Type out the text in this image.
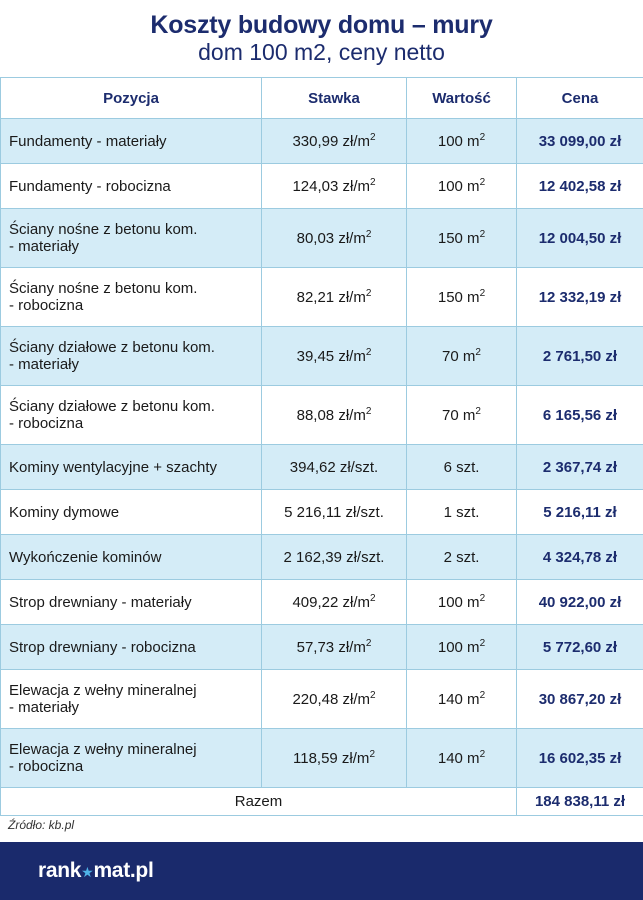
Koszty budowy domu – mury
dom 100 m2, ceny netto
Pozycja	Stawka	Wartość	Cena
Fundamenty - materiały	330,99 $zł/m^2$	100 $m^2$	33 099,00 zł
Fundamenty - robocizna	124,03 $zł/m^2$	100 $m^2$	12 402,58 zł
Ściany nośne z betonu kom.
- materiały	80,03 $zł/m^2$	150 $m^2$	12 004,50 zł
Ściany nośne z betonu kom.
- robocizna	82,21 $zł/m^2$	150 $m^2$	12 332,19 zł
Ściany działowe z betonu kom.
- materiały	39,45 $zł/m^2$	70 $m^2$	2 761,50 zł
Ściany działowe z betonu kom.
- robocizna	88,08 $zł/m^2$	70 $m^2$	6 165,56 zł
Kominy wentylacyjne + szachty	394,62 zł/szt.	6 szt.	2 367,74 zł
Kominy dymowe	5 216,11 zł/szt.	1 szt.	5 216,11 zł
Wykończenie kominów	2 162,39 zł/szt.	2 szt.	4 324,78 zł
Strop drewniany - materiały	409,22 $zł/m^2$	100 $m^2$	40 922,00 zł
Strop drewniany - robocizna	57,73 $zł/m^2$	100 $m^2$	5 772,60 zł
Elewacja z wełny mineralnej
- materiały	220,48 $zł/m^2$	140 $m^2$	30 867,20 zł
Elewacja z wełny mineralnej
- robocizna	118,59 $zł/m^2$	140 $m^2$	16 602,35 zł
Razem			184 838,11 zł
Źródło: kb.pl
rank★mat.pl
